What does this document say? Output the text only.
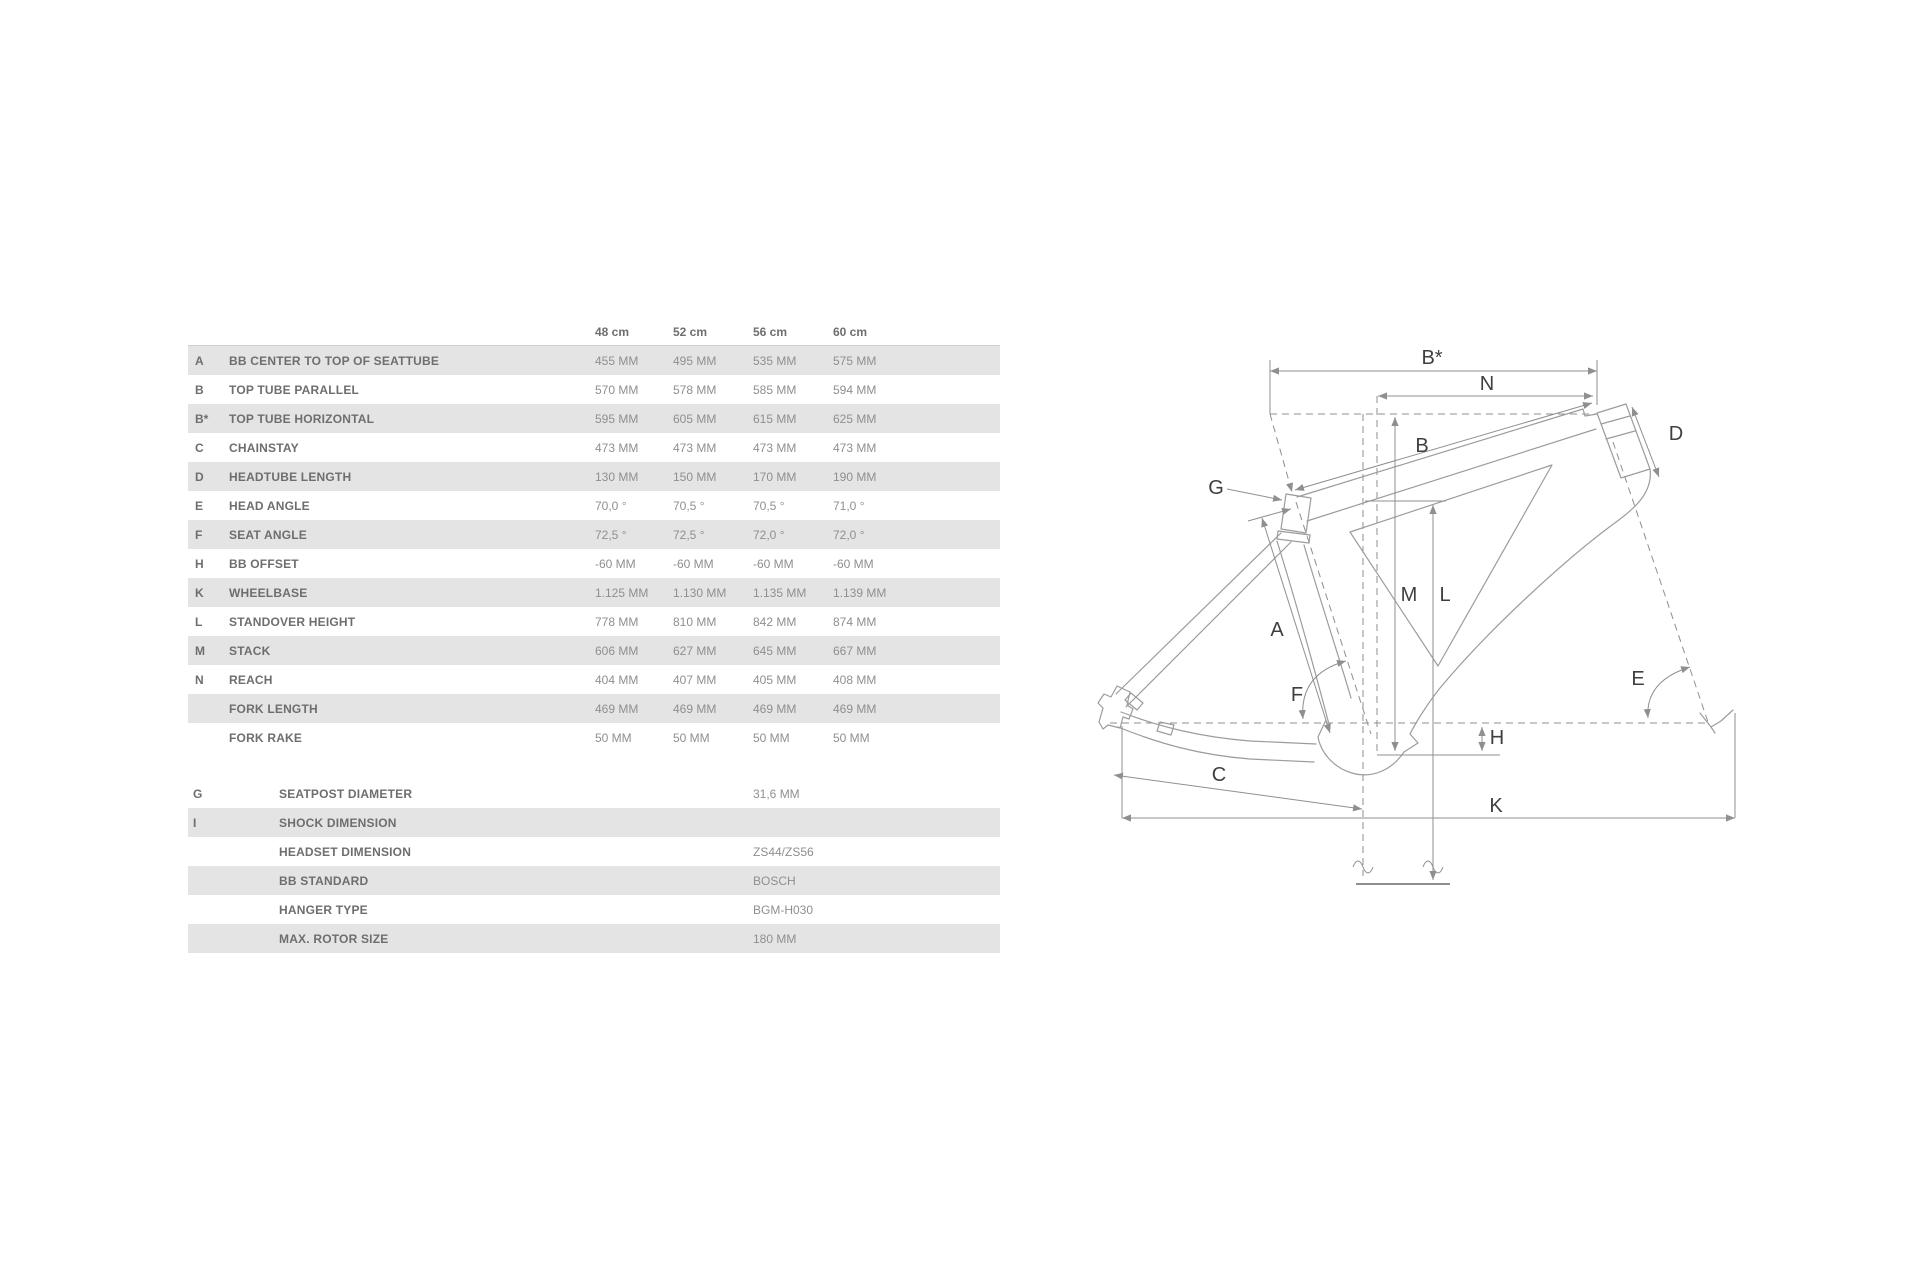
48 cm	52 cm	56 cm	60 cm
A	BB CENTER TO TOP OF SEATTUBE	455 MM	495 MM	535 MM	575 MM
B	TOP TUBE PARALLEL	570 MM	578 MM	585 MM	594 MM
B*	TOP TUBE HORIZONTAL	595 MM	605 MM	615 MM	625 MM
C	CHAINSTAY	473 MM	473 MM	473 MM	473 MM
D	HEADTUBE LENGTH	130 MM	150 MM	170 MM	190 MM
E	HEAD ANGLE	70,0 °	70,5 °	70,5 °	71,0 °
F	SEAT ANGLE	72,5 °	72,5 °	72,0 °	72,0 °
H	BB OFFSET	-60 MM	-60 MM	-60 MM	-60 MM
K	WHEELBASE	1.125 MM	1.130 MM	1.135 MM	1.139 MM
L	STANDOVER HEIGHT	778 MM	810 MM	842 MM	874 MM
M	STACK	606 MM	627 MM	645 MM	667 MM
N	REACH	404 MM	407 MM	405 MM	408 MM
FORK LENGTH	469 MM	469 MM	469 MM	469 MM
FORK RAKE	50 MM	50 MM	50 MM	50 MM
G	SEATPOST DIAMETER	31,6 MM
I	SHOCK DIMENSION
HEADSET DIMENSION	ZS44/ZS56
BB STANDARD	BOSCH
HANGER TYPE	BGM-H030
MAX. ROTOR SIZE	180 MM
B*
N
B
D
G
A
M L
F
E
H
C
K
